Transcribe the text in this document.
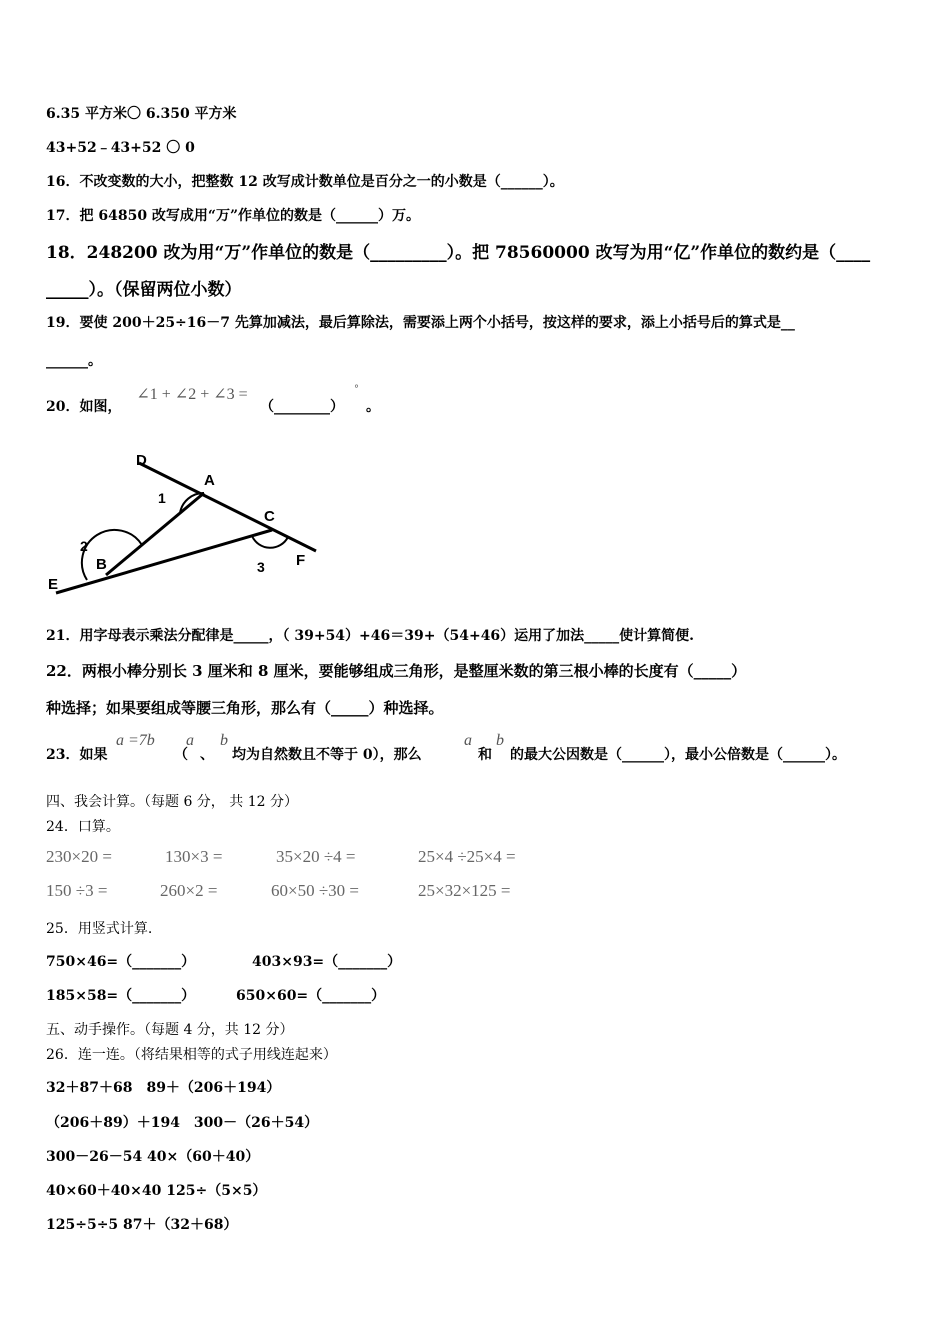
6.35 平方米〇 6.350 平方米
43+52﹣43+52 〇 0
16．不改变数的大小，把整数 12 改写成计数单位是百分之一的小数是（______）。
17．把 64850 改写成用“万”作单位的数是（______）万。
18．248200 改为用“万”作单位的数是（_________）。把 78560000 改写为用“亿”作单位的数约是（____
_____）。（保留两位小数）
19．要使 200＋25÷16－7 先算加减法，最后算除法，需要添上两个小括号，按这样的要求，添上小括号后的算式是__
______。
20．如图， ∠1 + ∠2 + ∠3 =
（________）
°
。
D
A
C
F
B
E
1
2
3
21．用字母表示乘法分配律是_____，（ 39+54）+46＝39+（54+46）运用了加法_____使计算简便.
22．两根小棒分别长 3 厘米和 8 厘米，要能够组成三角形，是整厘米数的第三根小棒的长度有（_____）
种选择；如果要组成等腰三角形，那么有（_____）种选择。
23．如果
a =7b
（
a
、
b
均为自然数且不等于 0），那么
a
和
b
的最大公因数是（______），最小公倍数是（______）。
四、我会计算。（每题 6 分， 共 12 分）
24．口算。
230×20 =	130×3 =	35×20 ÷4 =	25×4 ÷25×4 =
150 ÷3 =	260×2 =	60×50 ÷30 =	25×32×125 =
25．用竖式计算.
750×46=（_______）	403×93=（_______）
185×58=（_______）	650×60=（_______）
五、动手操作。（每题 4 分，共 12 分）
26．连一连。（将结果相等的式子用线连起来）
32＋87＋68　89＋（206＋194）
（206＋89）＋194　300－（26＋54）
300－26－54 40×（60＋40）
40×60＋40×40 125÷（5×5）
125÷5÷5 87＋（32＋68）
